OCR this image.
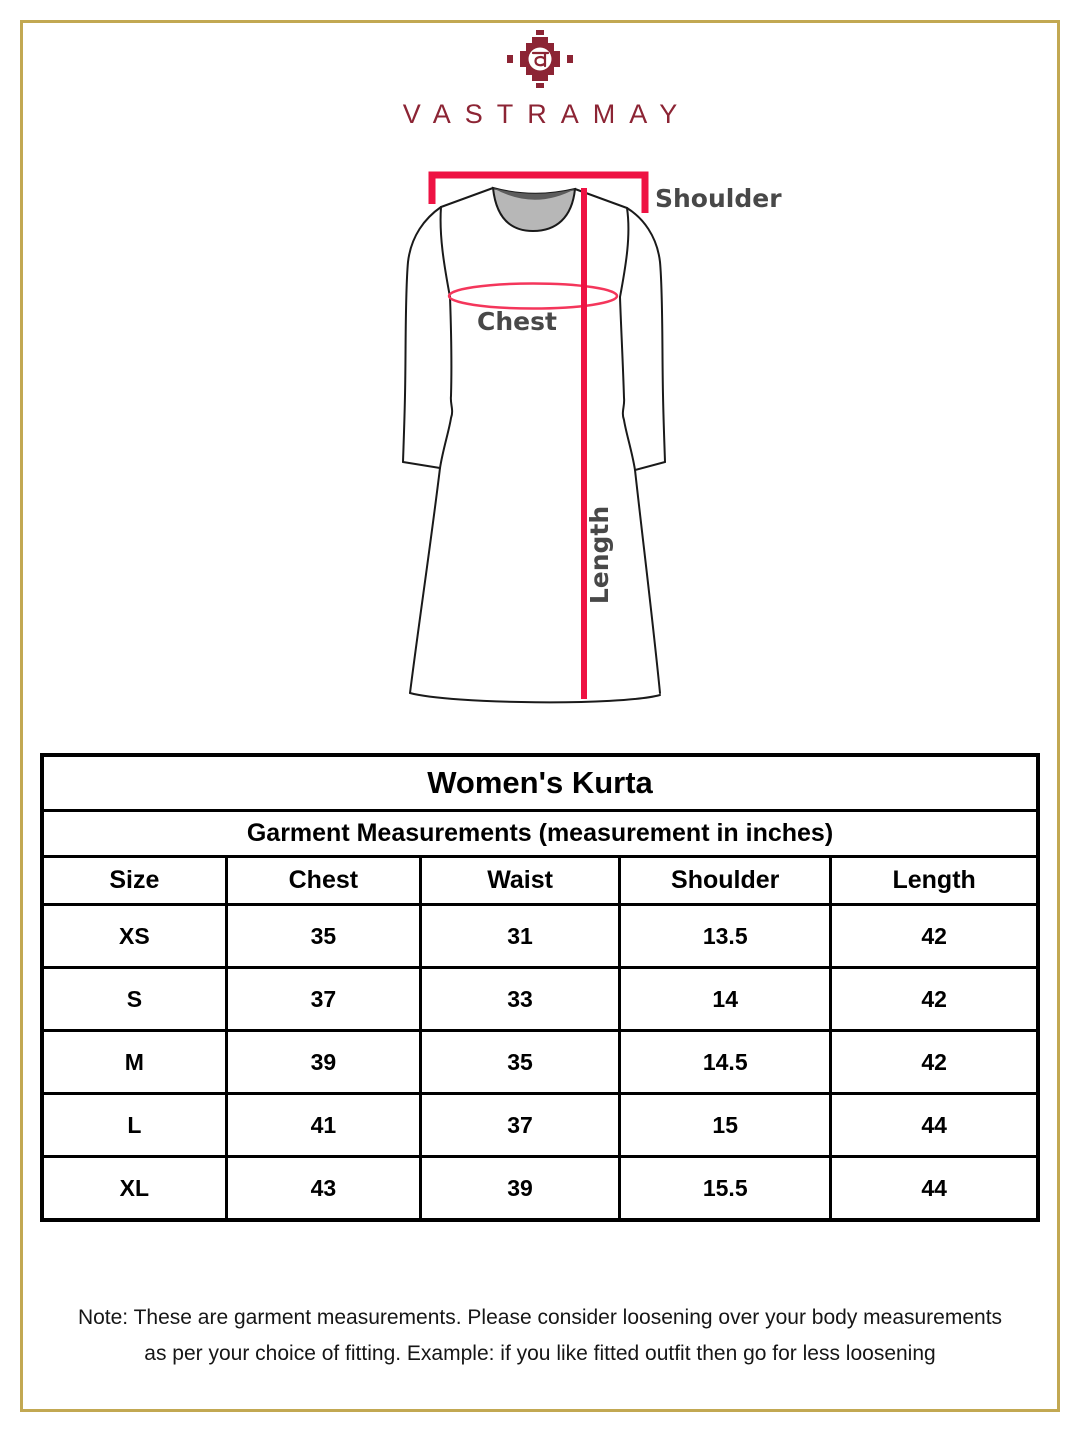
VASTRAMAY
Shoulder
Chest
Length
Women's Kurta				
Garment Measurements (measurement in inches)				
Size	Chest	Waist	Shoulder	Length
XS	35	31	13.5	42
S	37	33	14	42
M	39	35	14.5	42
L	41	37	15	44
XL	43	39	15.5	44
Note: These are garment measurements. Please consider loosening over your body measurements
as per your choice of fitting. Example: if you like fitted outfit then go for less loosening
